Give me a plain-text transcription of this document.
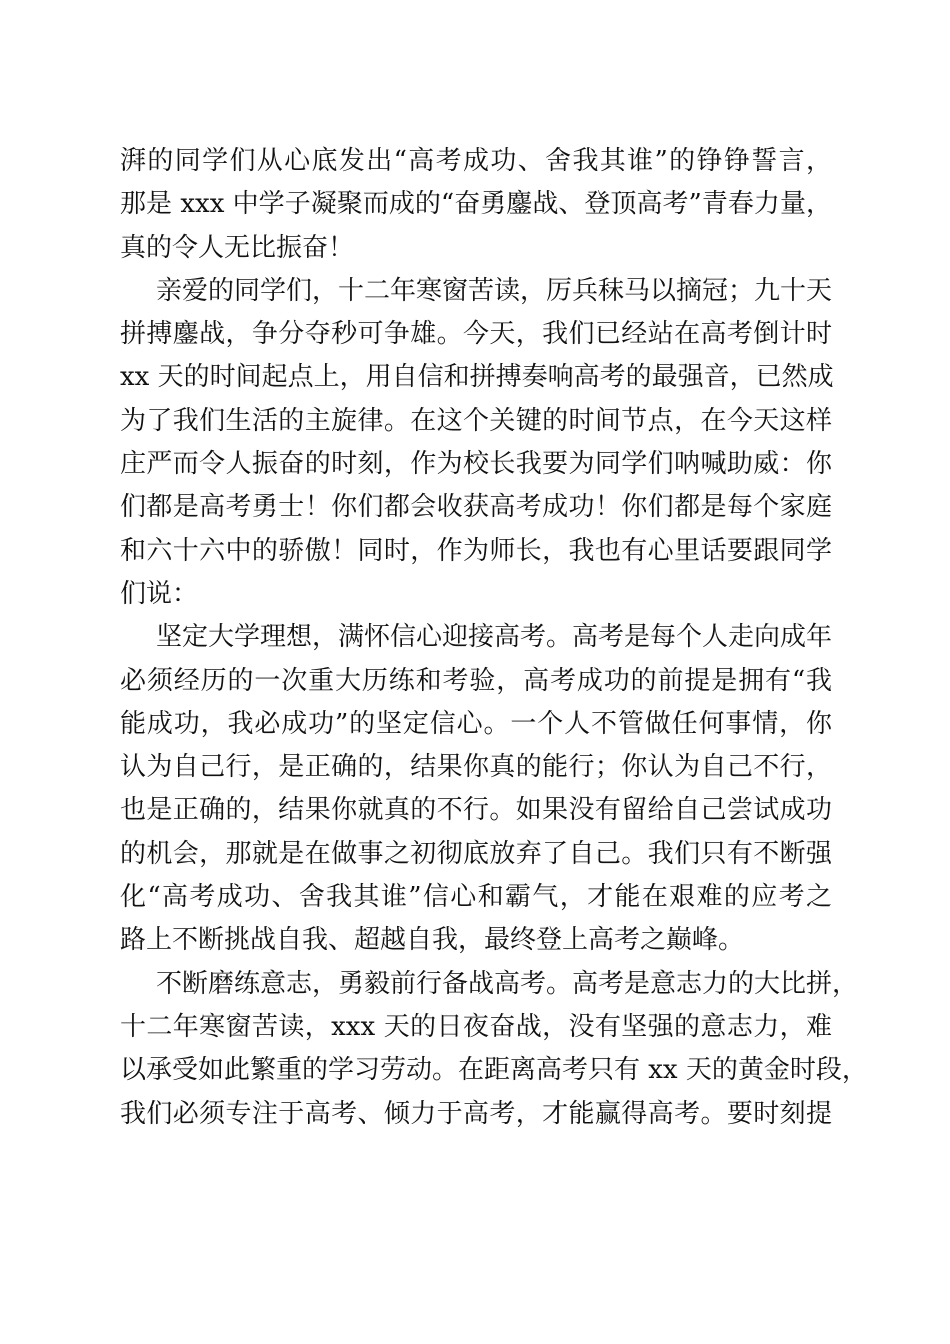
湃的同学们从心底发出“高考成功、舍我其谁”的铮铮誓言，
那是 xxx 中学子凝聚而成的“奋勇鏖战、登顶高考”青春力量，
真的令人无比振奋！
亲爱的同学们，十二年寒窗苦读，厉兵秣马以摘冠；九十天
拼搏鏖战，争分夺秒可争雄。今天，我们已经站在高考倒计时
xx 天的时间起点上，用自信和拼搏奏响高考的最强音，已然成
为了我们生活的主旋律。在这个关键的时间节点，在今天这样
庄严而令人振奋的时刻，作为校长我要为同学们呐喊助威：你
们都是高考勇士！你们都会收获高考成功！你们都是每个家庭
和六十六中的骄傲！同时，作为师长，我也有心里话要跟同学
们说：
坚定大学理想，满怀信心迎接高考。高考是每个人走向成年
必须经历的一次重大历练和考验，高考成功的前提是拥有“我
能成功，我必成功”的坚定信心。一个人不管做任何事情，你
认为自己行，是正确的，结果你真的能行；你认为自己不行，
也是正确的，结果你就真的不行。如果没有留给自己尝试成功
的机会，那就是在做事之初彻底放弃了自己。我们只有不断强
化“高考成功、舍我其谁”信心和霸气，才能在艰难的应考之
路上不断挑战自我、超越自我，最终登上高考之巅峰。
不断磨练意志，勇毅前行备战高考。高考是意志力的大比拼，
十二年寒窗苦读，xxx 天的日夜奋战，没有坚强的意志力，难
以承受如此繁重的学习劳动。在距离高考只有 xx 天的黄金时段，
我们必须专注于高考、倾力于高考，才能赢得高考。要时刻提
